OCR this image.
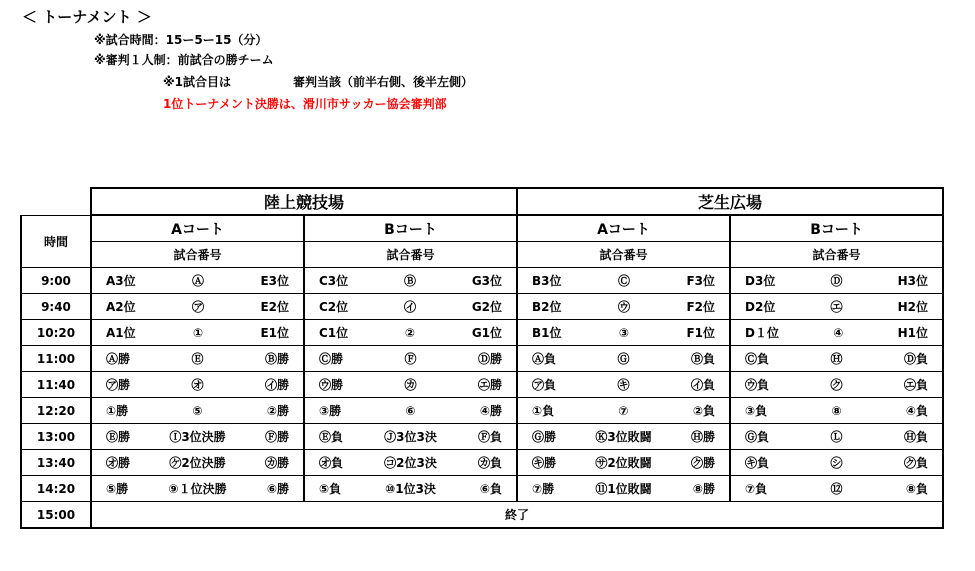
＜ トーナメント ＞
※試合時間：15ー5ー15（分）
※審判１人制：前試合の勝チーム
※1試合目は	審判当該（前半右側、後半左側）
1位トーナメント決勝は、滑川市サッカー協会審判部
	陸上競技場		芝生広場	
時間	Aコート	Bコート	Aコート	Bコート
	試合番号	試合番号	試合番号	試合番号
9:00	A3位 Ⓐ E3位	C3位 Ⓑ G3位	B3位 Ⓒ F3位	D3位 Ⓓ H3位

9:40	A2位 ㋐ E2位	C2位 ㋑ G2位	B2位 ㋒ F2位	D2位 ㋓ H2位

10:20	A1位 ① E1位	C1位 ② G1位	B1位 ③ F1位	D１位 ④ H1位

11:00	Ⓐ勝 Ⓔ Ⓑ勝	Ⓒ勝 Ⓕ Ⓓ勝	Ⓐ負 Ⓖ Ⓑ負	Ⓒ負 Ⓗ Ⓓ負

11:40	㋐勝 ㋔ ㋑勝	㋒勝 ㋕ ㋓勝	㋐負 ㋖ ㋑負	㋒負 ㋗ ㋓負

12:20	①勝 ⑤ ②勝	③勝 ⑥ ④勝	①負 ⑦ ②負	③負 ⑧ ④負

13:00	Ⓔ勝 Ⓘ3位決勝 Ⓕ勝	Ⓔ負 Ⓙ3位3決 Ⓕ負	Ⓖ勝 Ⓚ3位敗闘 Ⓗ勝	Ⓖ負 Ⓛ Ⓗ負

13:40	㋔勝 ㋘2位決勝 ㋕勝	㋔負 ㋙2位3決 ㋕負	㋖勝 ㋚2位敗闘 ㋗勝	㋖負 ㋛ ㋗負

14:20	⑤勝 ⑨１位決勝 ⑥勝	⑤負 ⑩1位3決 ⑥負	⑦勝 ⑪1位敗闘 ⑧勝	⑦負 ⑫ ⑧負

15:00	終了			
